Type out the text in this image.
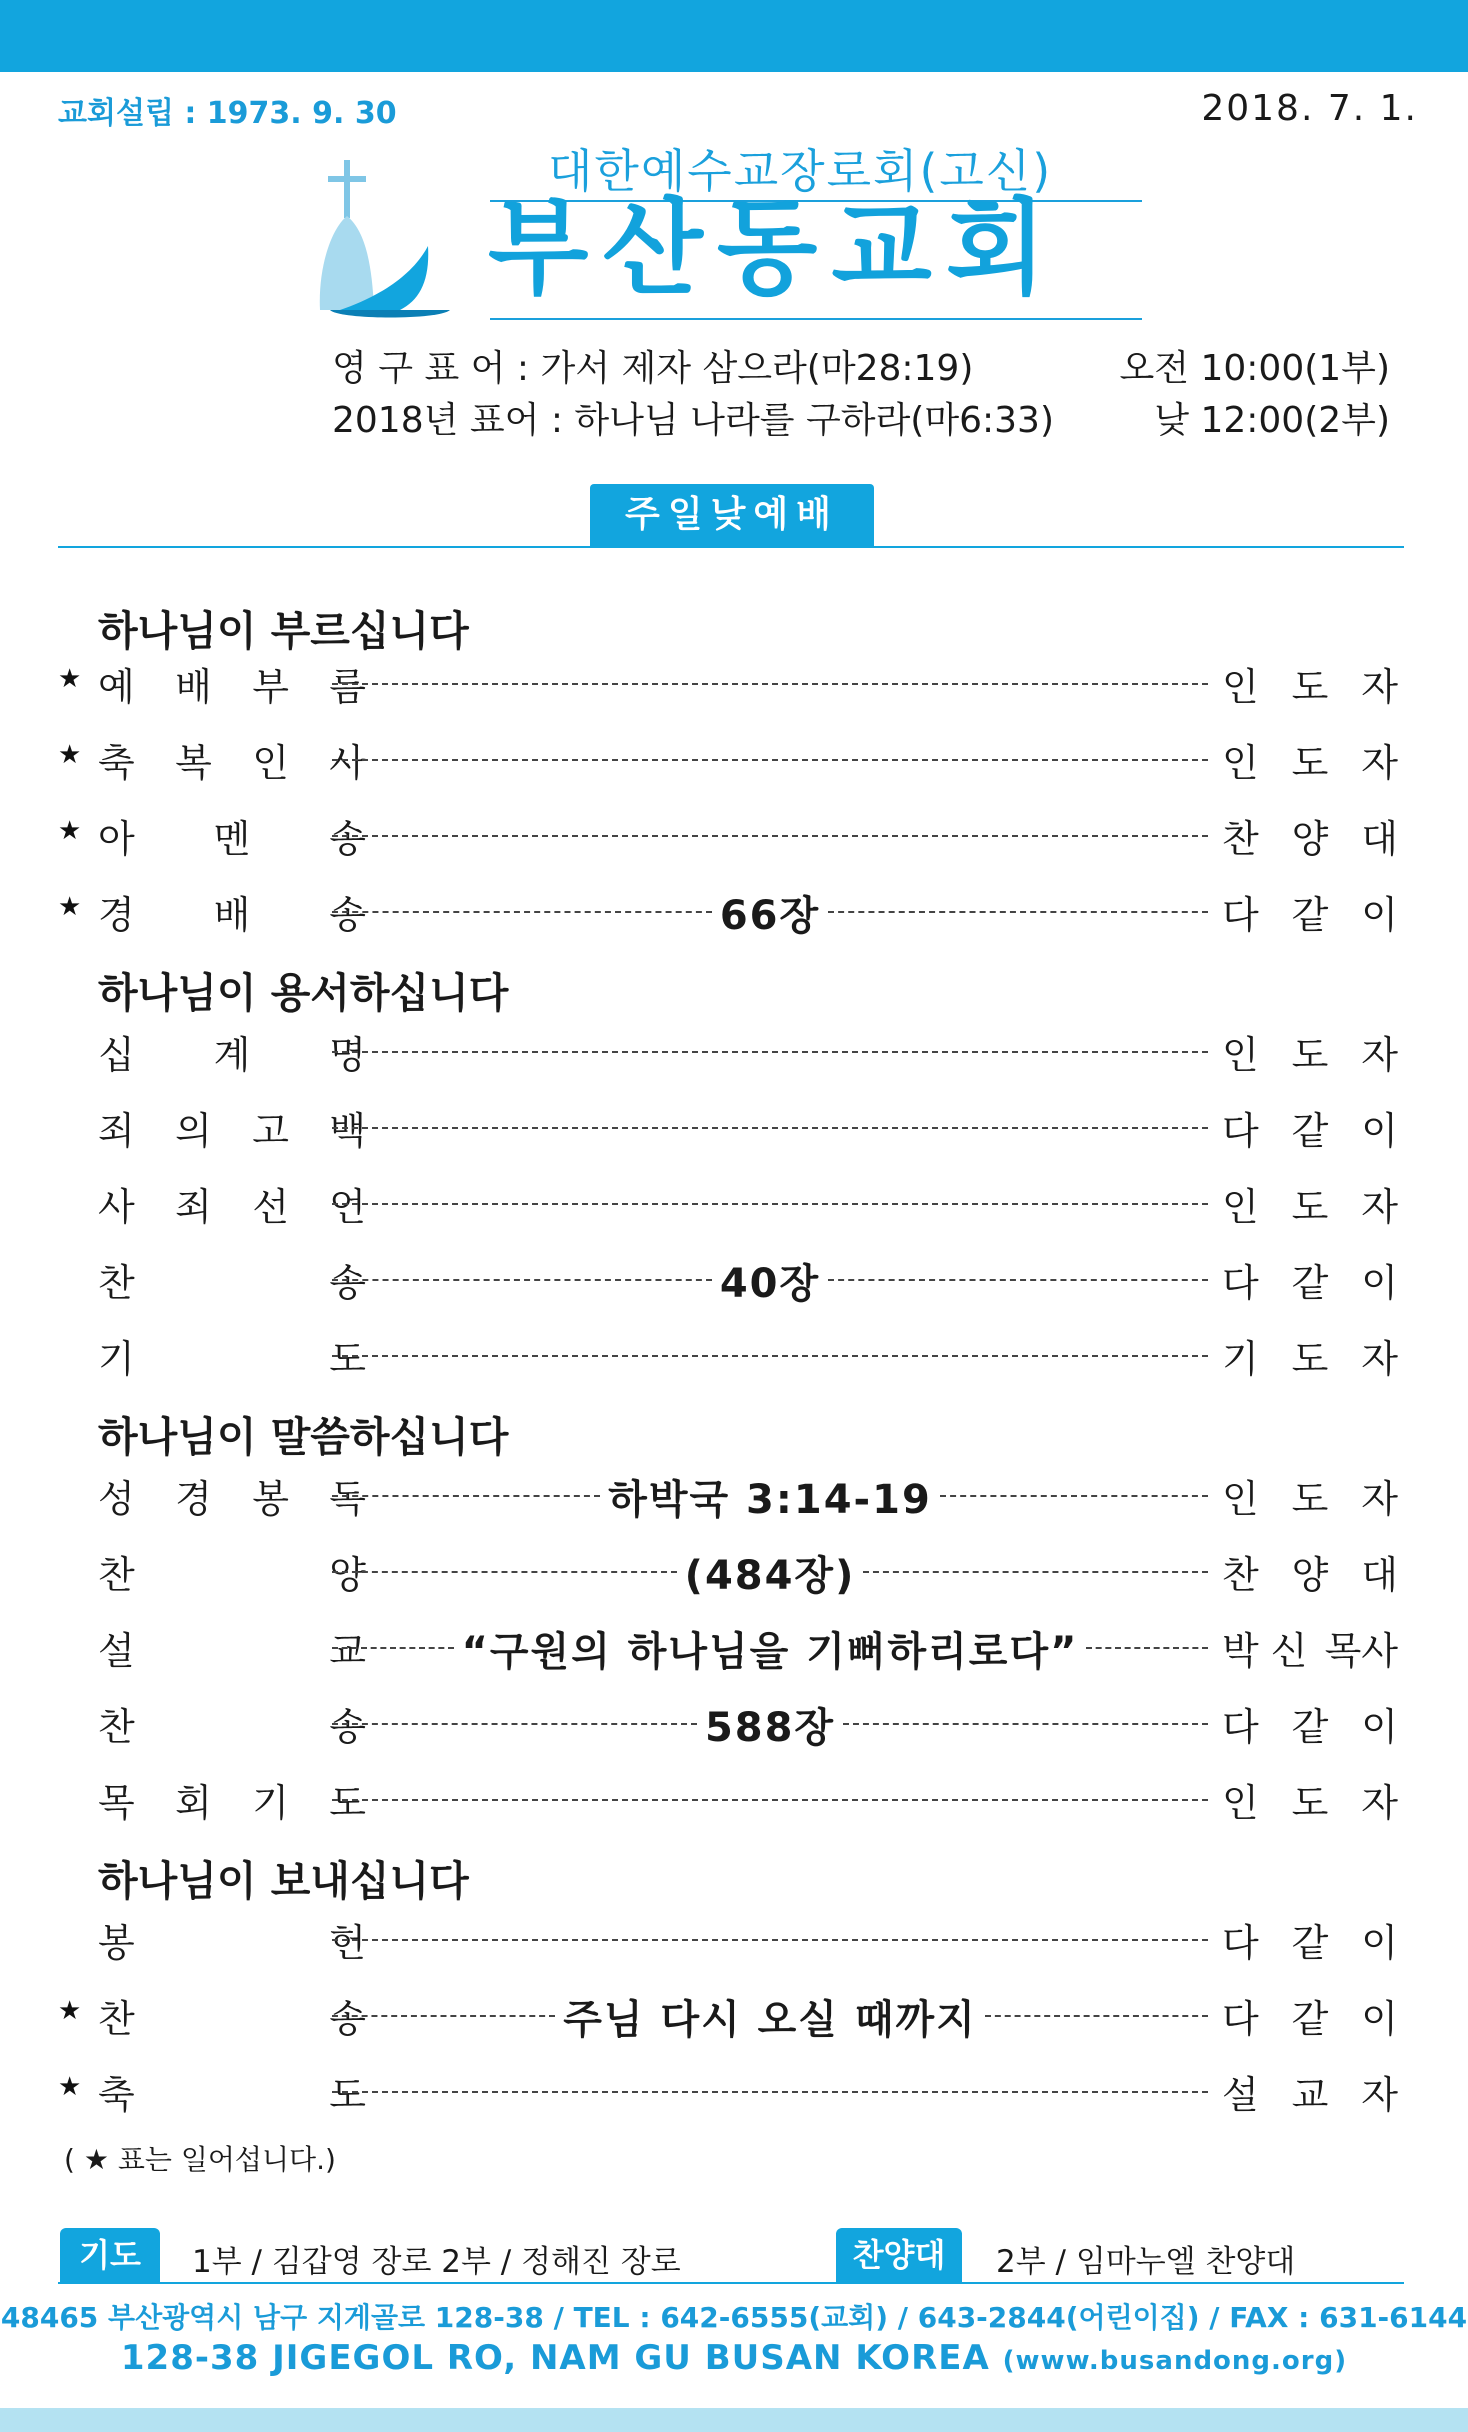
교회설립 : 1973. 9. 30	2018. 7. 1.
대한예수교장로회(고신)
부산동교회
영 구 표 어 : 가서 제자 삼으라(마28:19)
2018년 표어 : 하나님 나라를 구하라(마6:33)
오전 10:00(1부)
낮 12:00(2부)
주일낮예배
하나님이 부르십니다
★ 예 배 부 름	인 도 자
★ 축 복 인 사	인 도 자
★ 아 멘 송	찬 양 대
★ 경 배 송	66장	다 같 이
하나님이 용서하십니다
십 계 명	인 도 자
죄 의 고 백	다 같 이
사 죄 선 언	인 도 자
찬	송	40장	다 같 이
기	도	기 도 자
하나님이 말씀하십니다
성 경 봉 독	하박국 3:14-19	인 도 자
찬	양	(484장)	찬 양 대
설	교 “구원의 하나님을 기뻐하리로다”	박 신 목사
찬	송	588장	다 같 이
목 회 기 도	인 도 자
하나님이 보내십니다
봉	헌	다 같 이
★ 찬	송	주님 다시 오실 때까지	다 같 이
★ 축	도	설 교 자
( ★ 표는 일어섭니다.)
기도	1부 / 김갑영 장로 2부 / 정해진 장로	찬양대	2부 / 임마누엘 찬양대
48465 부산광역시 남구 지게골로 128-38 / TEL : 642-6555(교회) / 643-2844(어린이집) / FAX : 631-6144
128-38 JIGEGOL RO, NAM GU BUSAN KOREA (www.busandong.org)
